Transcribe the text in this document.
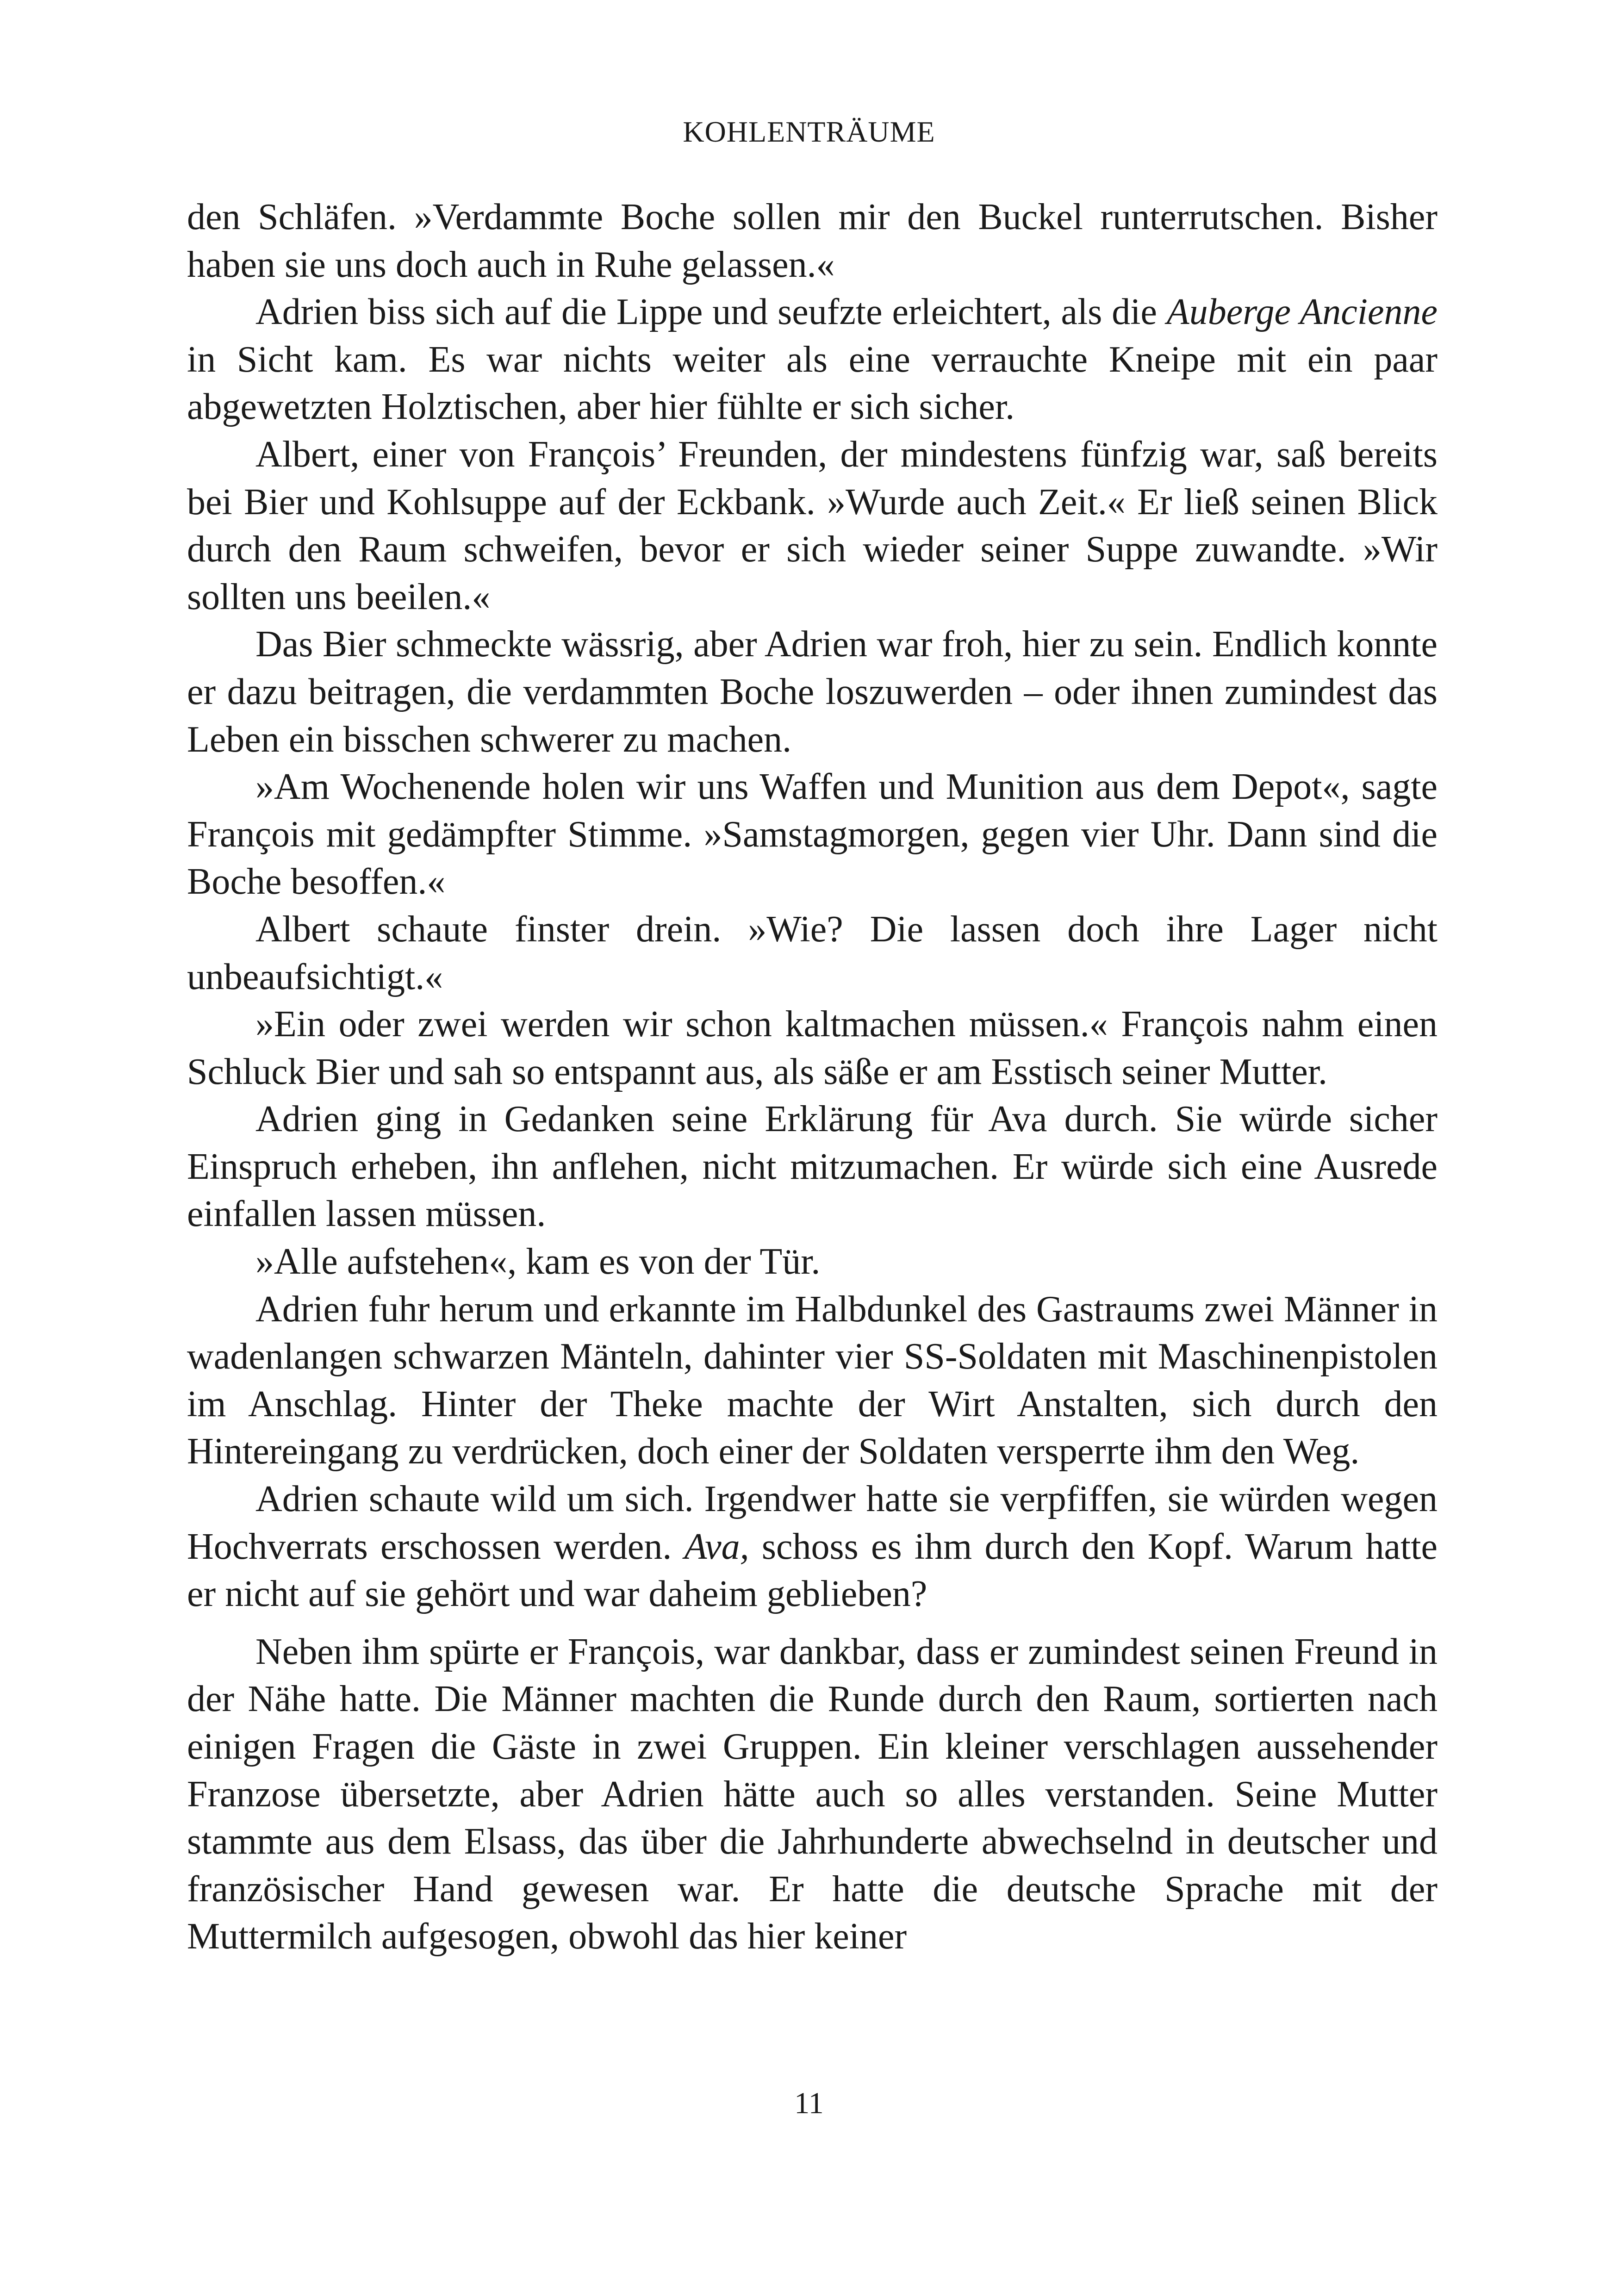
KOHLENTRÄUME

den Schläfen. »Verdammte Boche sollen mir den Buckel runterrutschen. Bisher haben sie uns doch auch in Ruhe gelassen.«

Adrien biss sich auf die Lippe und seufzte erleichtert, als die Auberge Ancienne in Sicht kam. Es war nichts weiter als eine verrauchte Kneipe mit ein paar abgewetzten Holztischen, aber hier fühlte er sich sicher.

Albert, einer von François’ Freunden, der mindestens fünfzig war, saß bereits bei Bier und Kohlsuppe auf der Eckbank. »Wurde auch Zeit.« Er ließ seinen Blick durch den Raum schweifen, bevor er sich wieder seiner Suppe zuwandte. »Wir sollten uns beeilen.«

Das Bier schmeckte wässrig, aber Adrien war froh, hier zu sein. Endlich konnte er dazu beitragen, die verdammten Boche loszuwerden – oder ihnen zumindest das Leben ein bisschen schwerer zu machen.

»Am Wochenende holen wir uns Waffen und Munition aus dem Depot«, sagte François mit gedämpfter Stimme. »Samstagmorgen, gegen vier Uhr. Dann sind die Boche besoffen.«

Albert schaute finster drein. »Wie? Die lassen doch ihre Lager nicht unbeaufsichtigt.«

»Ein oder zwei werden wir schon kaltmachen müssen.« François nahm einen Schluck Bier und sah so entspannt aus, als säße er am Esstisch seiner Mutter.

Adrien ging in Gedanken seine Erklärung für Ava durch. Sie würde sicher Einspruch erheben, ihn anflehen, nicht mitzumachen. Er würde sich eine Ausrede einfallen lassen müssen.

»Alle aufstehen«, kam es von der Tür.

Adrien fuhr herum und erkannte im Halbdunkel des Gastraums zwei Männer in wadenlangen schwarzen Mänteln, dahinter vier SS-Soldaten mit Maschinenpistolen im Anschlag. Hinter der Theke machte der Wirt Anstalten, sich durch den Hintereingang zu verdrücken, doch einer der Soldaten versperrte ihm den Weg.

Adrien schaute wild um sich. Irgendwer hatte sie verpfiffen, sie würden wegen Hochverrats erschossen werden. Ava, schoss es ihm durch den Kopf. Warum hatte er nicht auf sie gehört und war daheim geblieben?

Neben ihm spürte er François, war dankbar, dass er zumindest seinen Freund in der Nähe hatte. Die Männer machten die Runde durch den Raum, sortierten nach einigen Fragen die Gäste in zwei Gruppen. Ein kleiner verschlagen aussehender Franzose übersetzte, aber Adrien hätte auch so alles verstanden. Seine Mutter stammte aus dem Elsass, das über die Jahrhunderte abwechselnd in deutscher und französischer Hand gewesen war. Er hatte die deutsche Sprache mit der Muttermilch aufgesogen, obwohl das hier keiner

11
